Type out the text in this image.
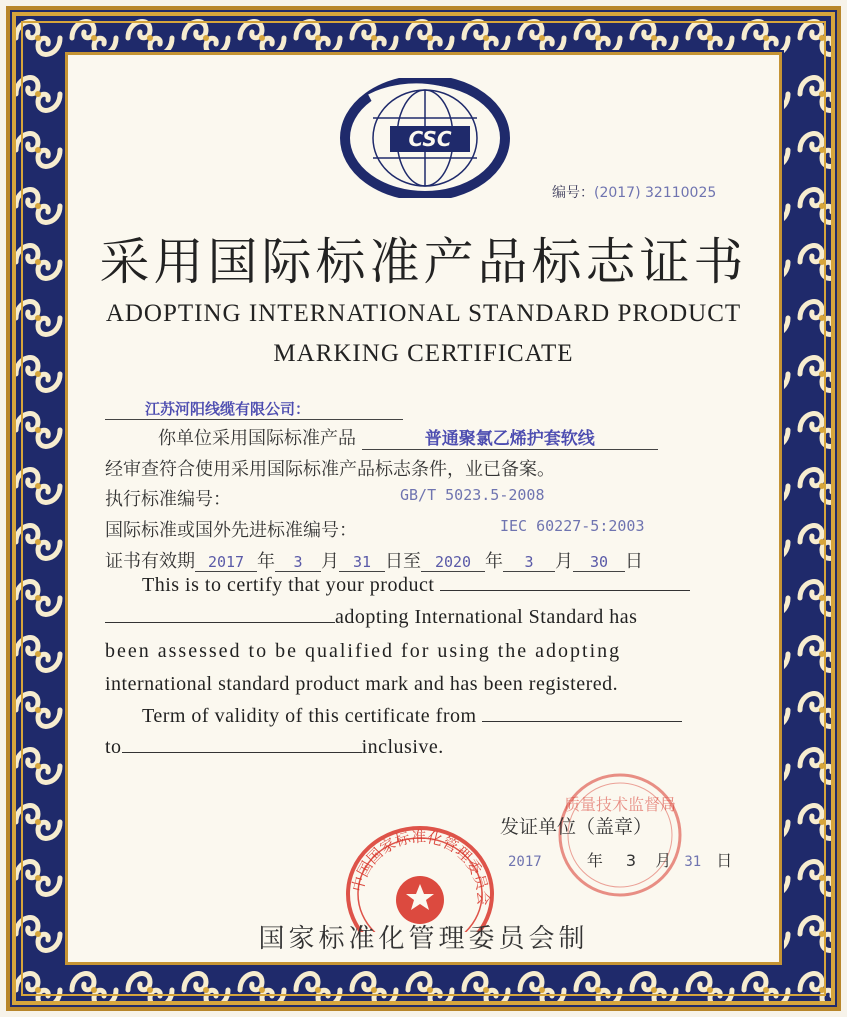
CSC
编号：(2017) 32110025
采用国际标准产品标志证书
ADOPTING INTERNATIONAL STANDARD PRODUCT
MARKING CERTIFICATE
江苏河阳线缆有限公司：
你单位采用国际标准产品	普通聚氯乙烯护套软线
经审查符合使用采用国际标准产品标志条件，业已备案。
执行标准编号：	GB/T 5023.5-2008
国际标准或国外先进标准编号：	IEC 60227-5:2003
证书有效期 2017 年 3 月 31 日至 2020 年 3 月 30 日
This is to certify that your product
adopting International Standard has
been assessed to be qualified for using the adopting
international standard product mark and has been registered.
Term of validity of this certificate from
to	inclusive.
质量技术监督局
发证单位（盖章）
2017	年 3 月 31 日
中国国家标准化管理委员会
国家标准化管理委员会制
